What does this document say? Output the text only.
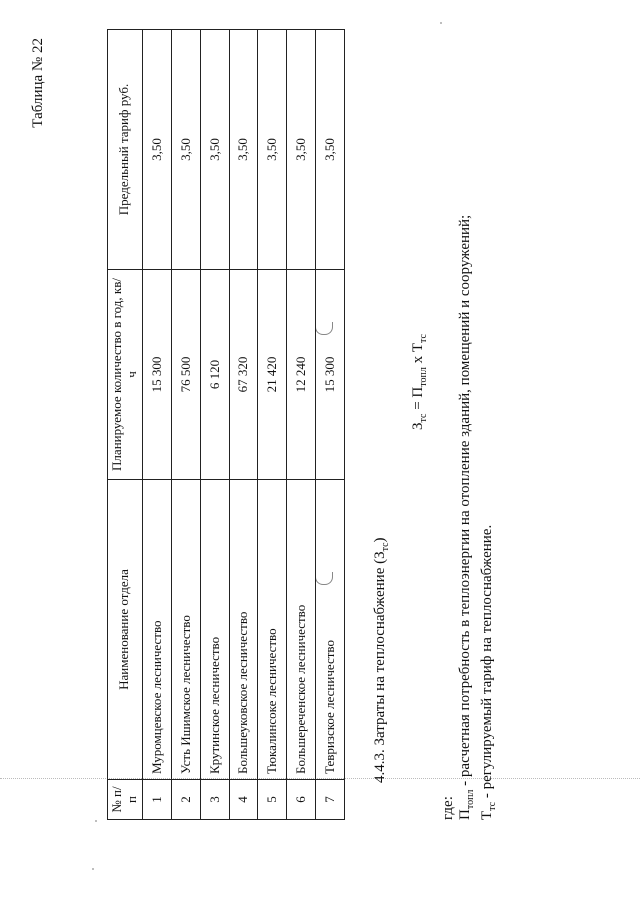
Таблица № 22
№ п/п	Наименование отдела	Планируемое количество в год, кв/ч	Предельный тариф руб.
1	Муромцевское лесничество	15 300	3,50
2	Усть Ишимское лесничество	76 500	3,50
3	Крутинское лесничество	6 120	3,50
4	Большеуковское лесничество	67 320	3,50
5	Тюкалинсоке лесничество	21 420	3,50
6	Большереченское лесничество	12 240	3,50
7	Тевризское лесничество	15 300	3,50
4.4.3. Затраты на теплоснабжение $(З_{тс})$
$З_{тс} = П_{топл}$ х $Т_{тс}$
где: $П_{топл}$ - расчетная потребность в теплоэнергии на отопление зданий, помещений и сооружений;
$Т_{тс}$ - регулируемый тариф на теплоснабжение.
